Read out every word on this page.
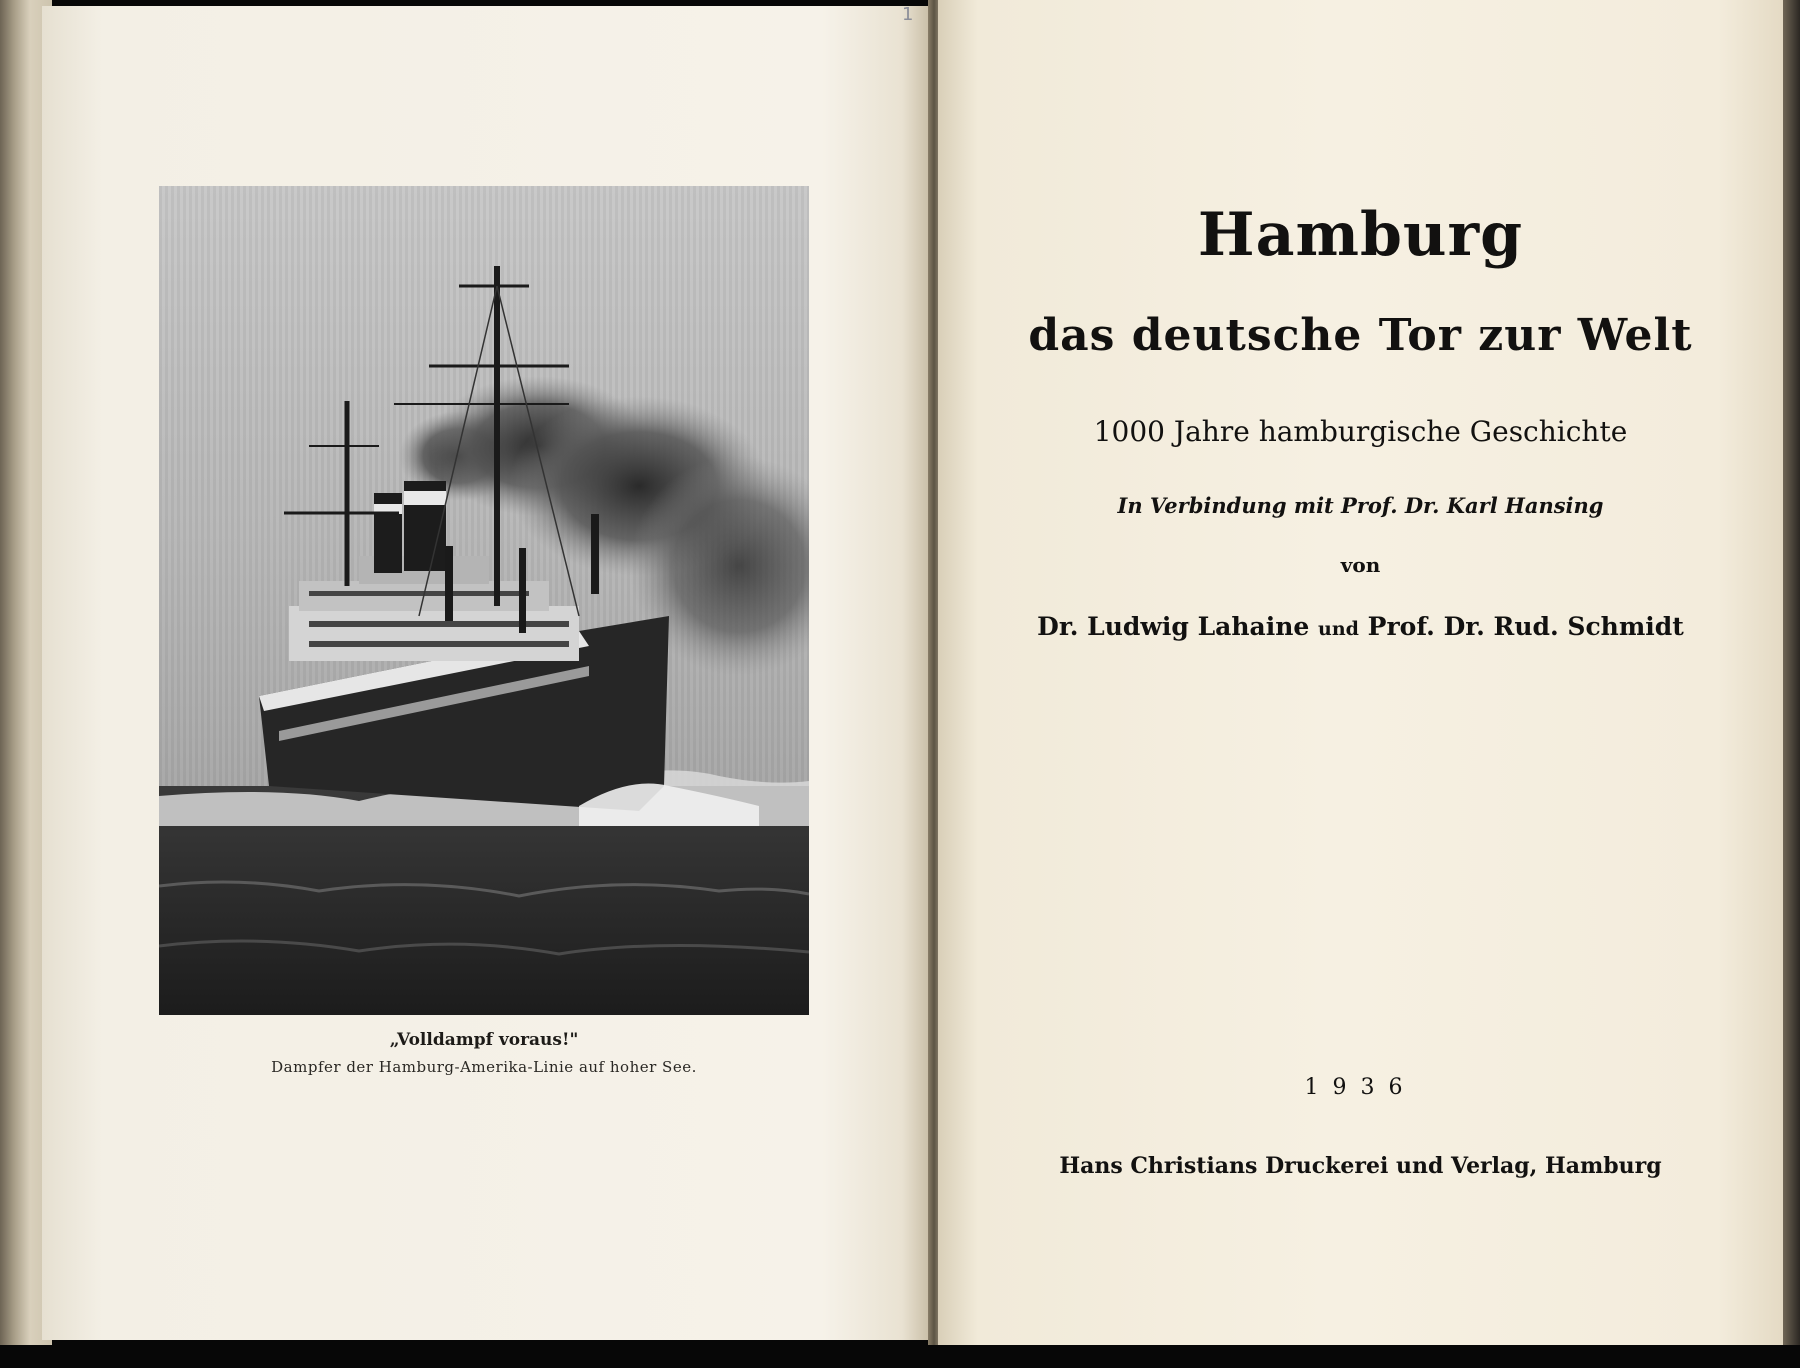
1
„Volldampf voraus!"
Dampfer der Hamburg-Amerika-Linie auf hoher See.
Hamburg
das deutsche Tor zur Welt

1000 Jahre hamburgische Geschichte

In Verbindung mit Prof. Dr. Karl Hansing

von

Dr. Ludwig Lahaine und Prof. Dr. Rud. Schmidt

1936

Hans Christians Druckerei und Verlag, Hamburg
